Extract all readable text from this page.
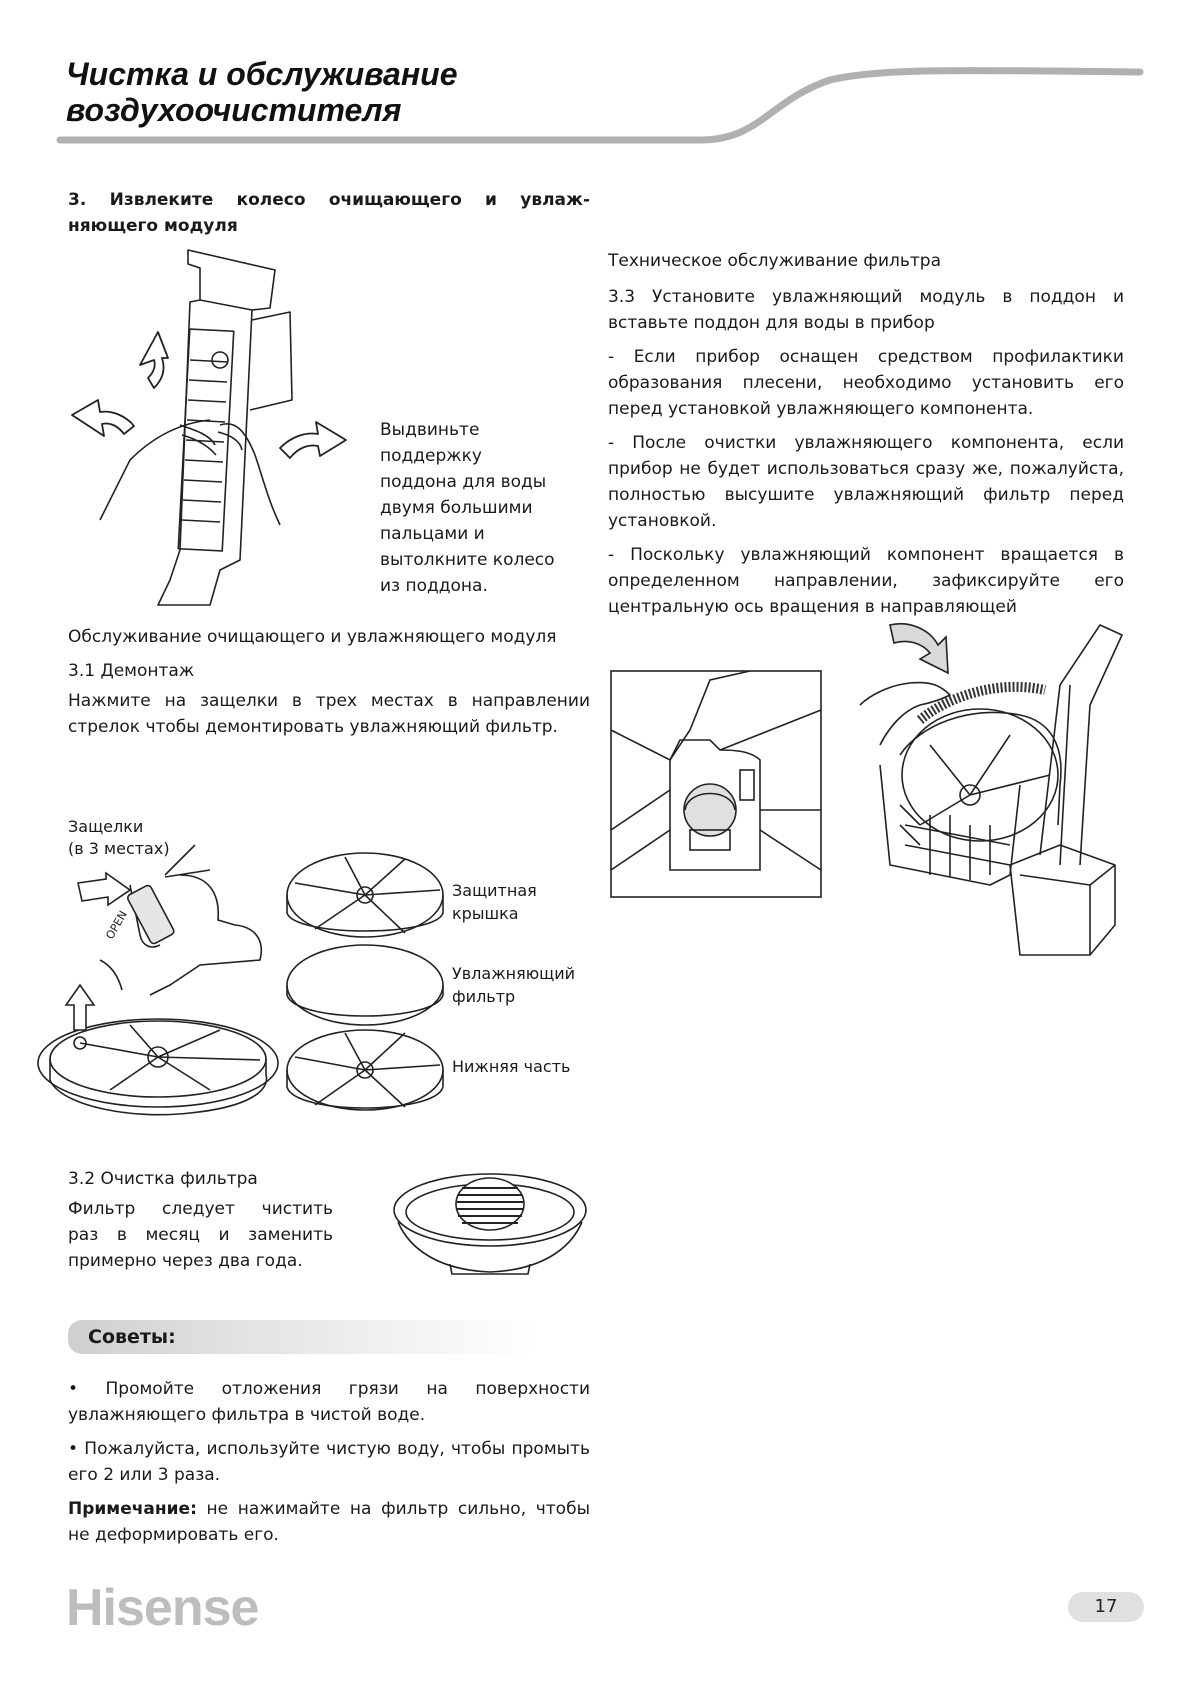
Чистка и обслуживание
воздухоочистителя
3. Извлеките колесо очищающего и увлаж-
няющего модуля
Выдвиньте
поддержку
поддона для воды
двумя большими
пальцами и
вытолкните колесо
из поддона.
Обслуживание очищающего и увлажняющего модуля
3.1 Демонтаж
Нажмите на защелки в трех местах в направлении стрелок чтобы демонтировать увлажняющий фильтр.
Защелки
(в 3 местах)
OPEN
Защитная
крышка
Увлажняющий
фильтр
Нижняя часть
3.2 Очистка фильтра
Фильтр следует чистить
раз в месяц и заменить
примерно через два года.
Советы:
• Промойте отложения грязи на поверхности увлажняющего фильтра в чистой воде.
• Пожалуйста, используйте чистую воду, чтобы промыть его 2 или 3 раза.
Примечание: не нажимайте на фильтр сильно, чтобы не деформировать его.
Техническое обслуживание фильтра
3.3 Установите увлажняющий модуль в поддон и вставьте поддон для воды в прибор
- Если прибор оснащен средством профилактики образования плесени, необходимо установить его перед установкой увлажняющего компонента.
- После очистки увлажняющего компонента, если прибор не будет использоваться сразу же, пожалуйста, полностью высушите увлажняющий фильтр перед установкой.
- Поскольку увлажняющий компонент вращается в определенном направлении, зафиксируйте его центральную ось вращения в направляющей
Hisense	17
